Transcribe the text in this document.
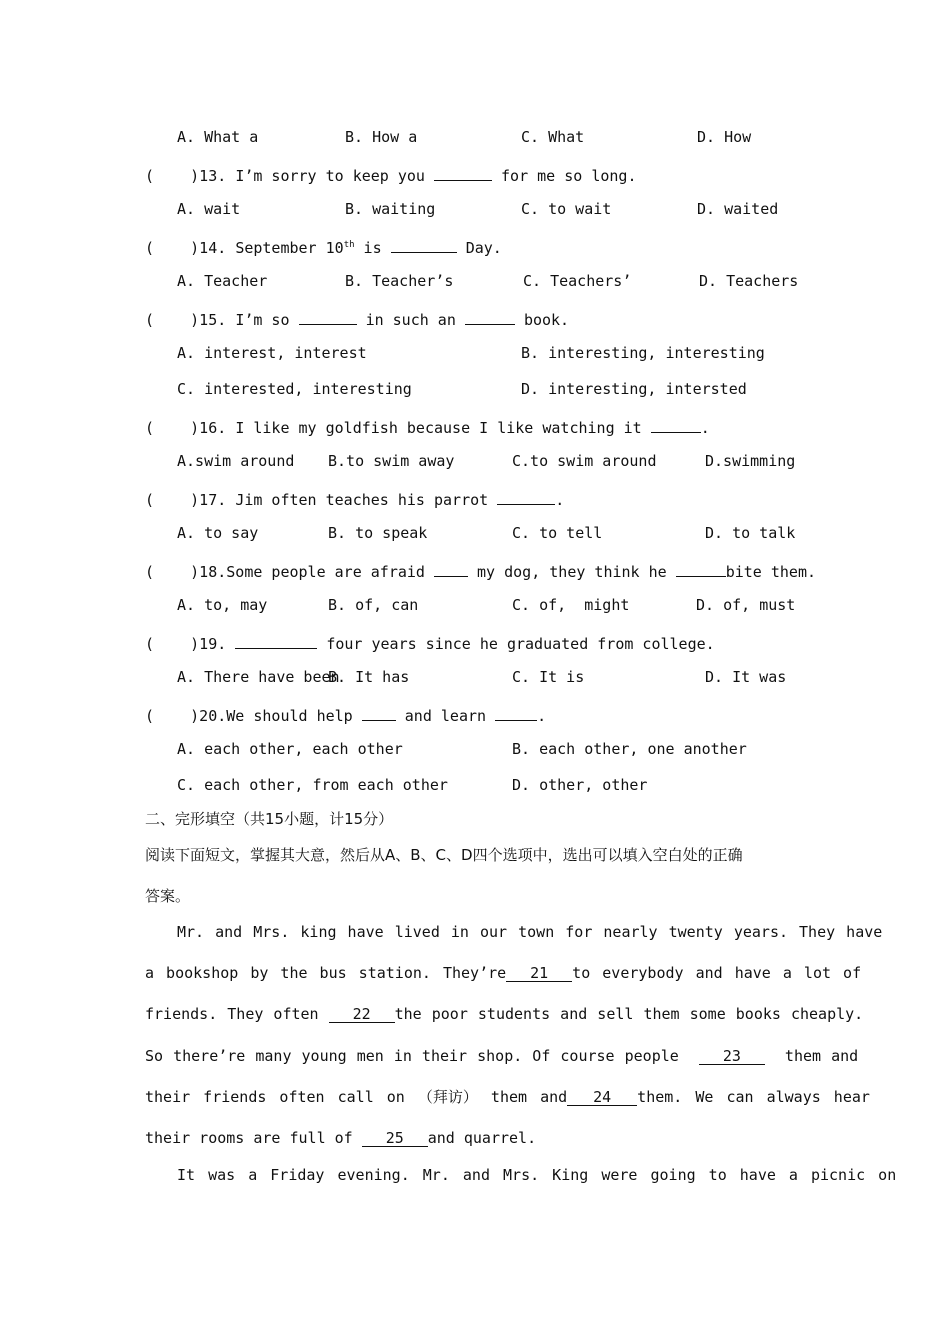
A. What a	B. How a	C. What	D. How
( )13. I’m sorry to keep you	for me so long.
A. wait	B. waiting	C. to wait	D. waited
( )14. September 10th is	Day.
A. Teacher	B. Teacher’s	C. Teachers’	D. Teachers
( )15. I’m so	in such an	book.
A. interest, interest	B. interesting, interesting
C. interested, interesting	D. interesting, intersted
( )16. I like my goldfish because I like watching it	.
A.swim around B.to swim away	C.to swim around	D.swimming
( )17. Jim often teaches his parrot	.
A. to say	B. to speak	C. to tell	D. to talk
( )18.Some people are afraid	my dog, they think he	bite them.
A. to, may	B. of, can	C. of,  might	D. of, must
( )19.	four years since he graduated from college.
A. There have been
B. It has	C. It is	D. It was
( )20.We should help	and learn	.
A. each other, each other	B. each other, one another
C. each other, from each other	D. other, other
二、完形填空（共15小题，计15分）
阅读下面短文，掌握其大意，然后从A、B、C、D四个选项中，选出可以填入空白处的正确
答案。
Mr. and Mrs. king have lived in our town for nearly twenty years. They have
a bookshop by the bus station. They’re 21 to everybody and have a lot of
friends. They often 22 the poor students and sell them some books cheaply.
So there’re many young men in their shop. Of course people	23	them and
their friends often call on （拜访） them and 24 them. We can always hear
their rooms are full of 25 and quarrel.
It was a Friday evening. Mr. and Mrs. King were going to have a picnic on
